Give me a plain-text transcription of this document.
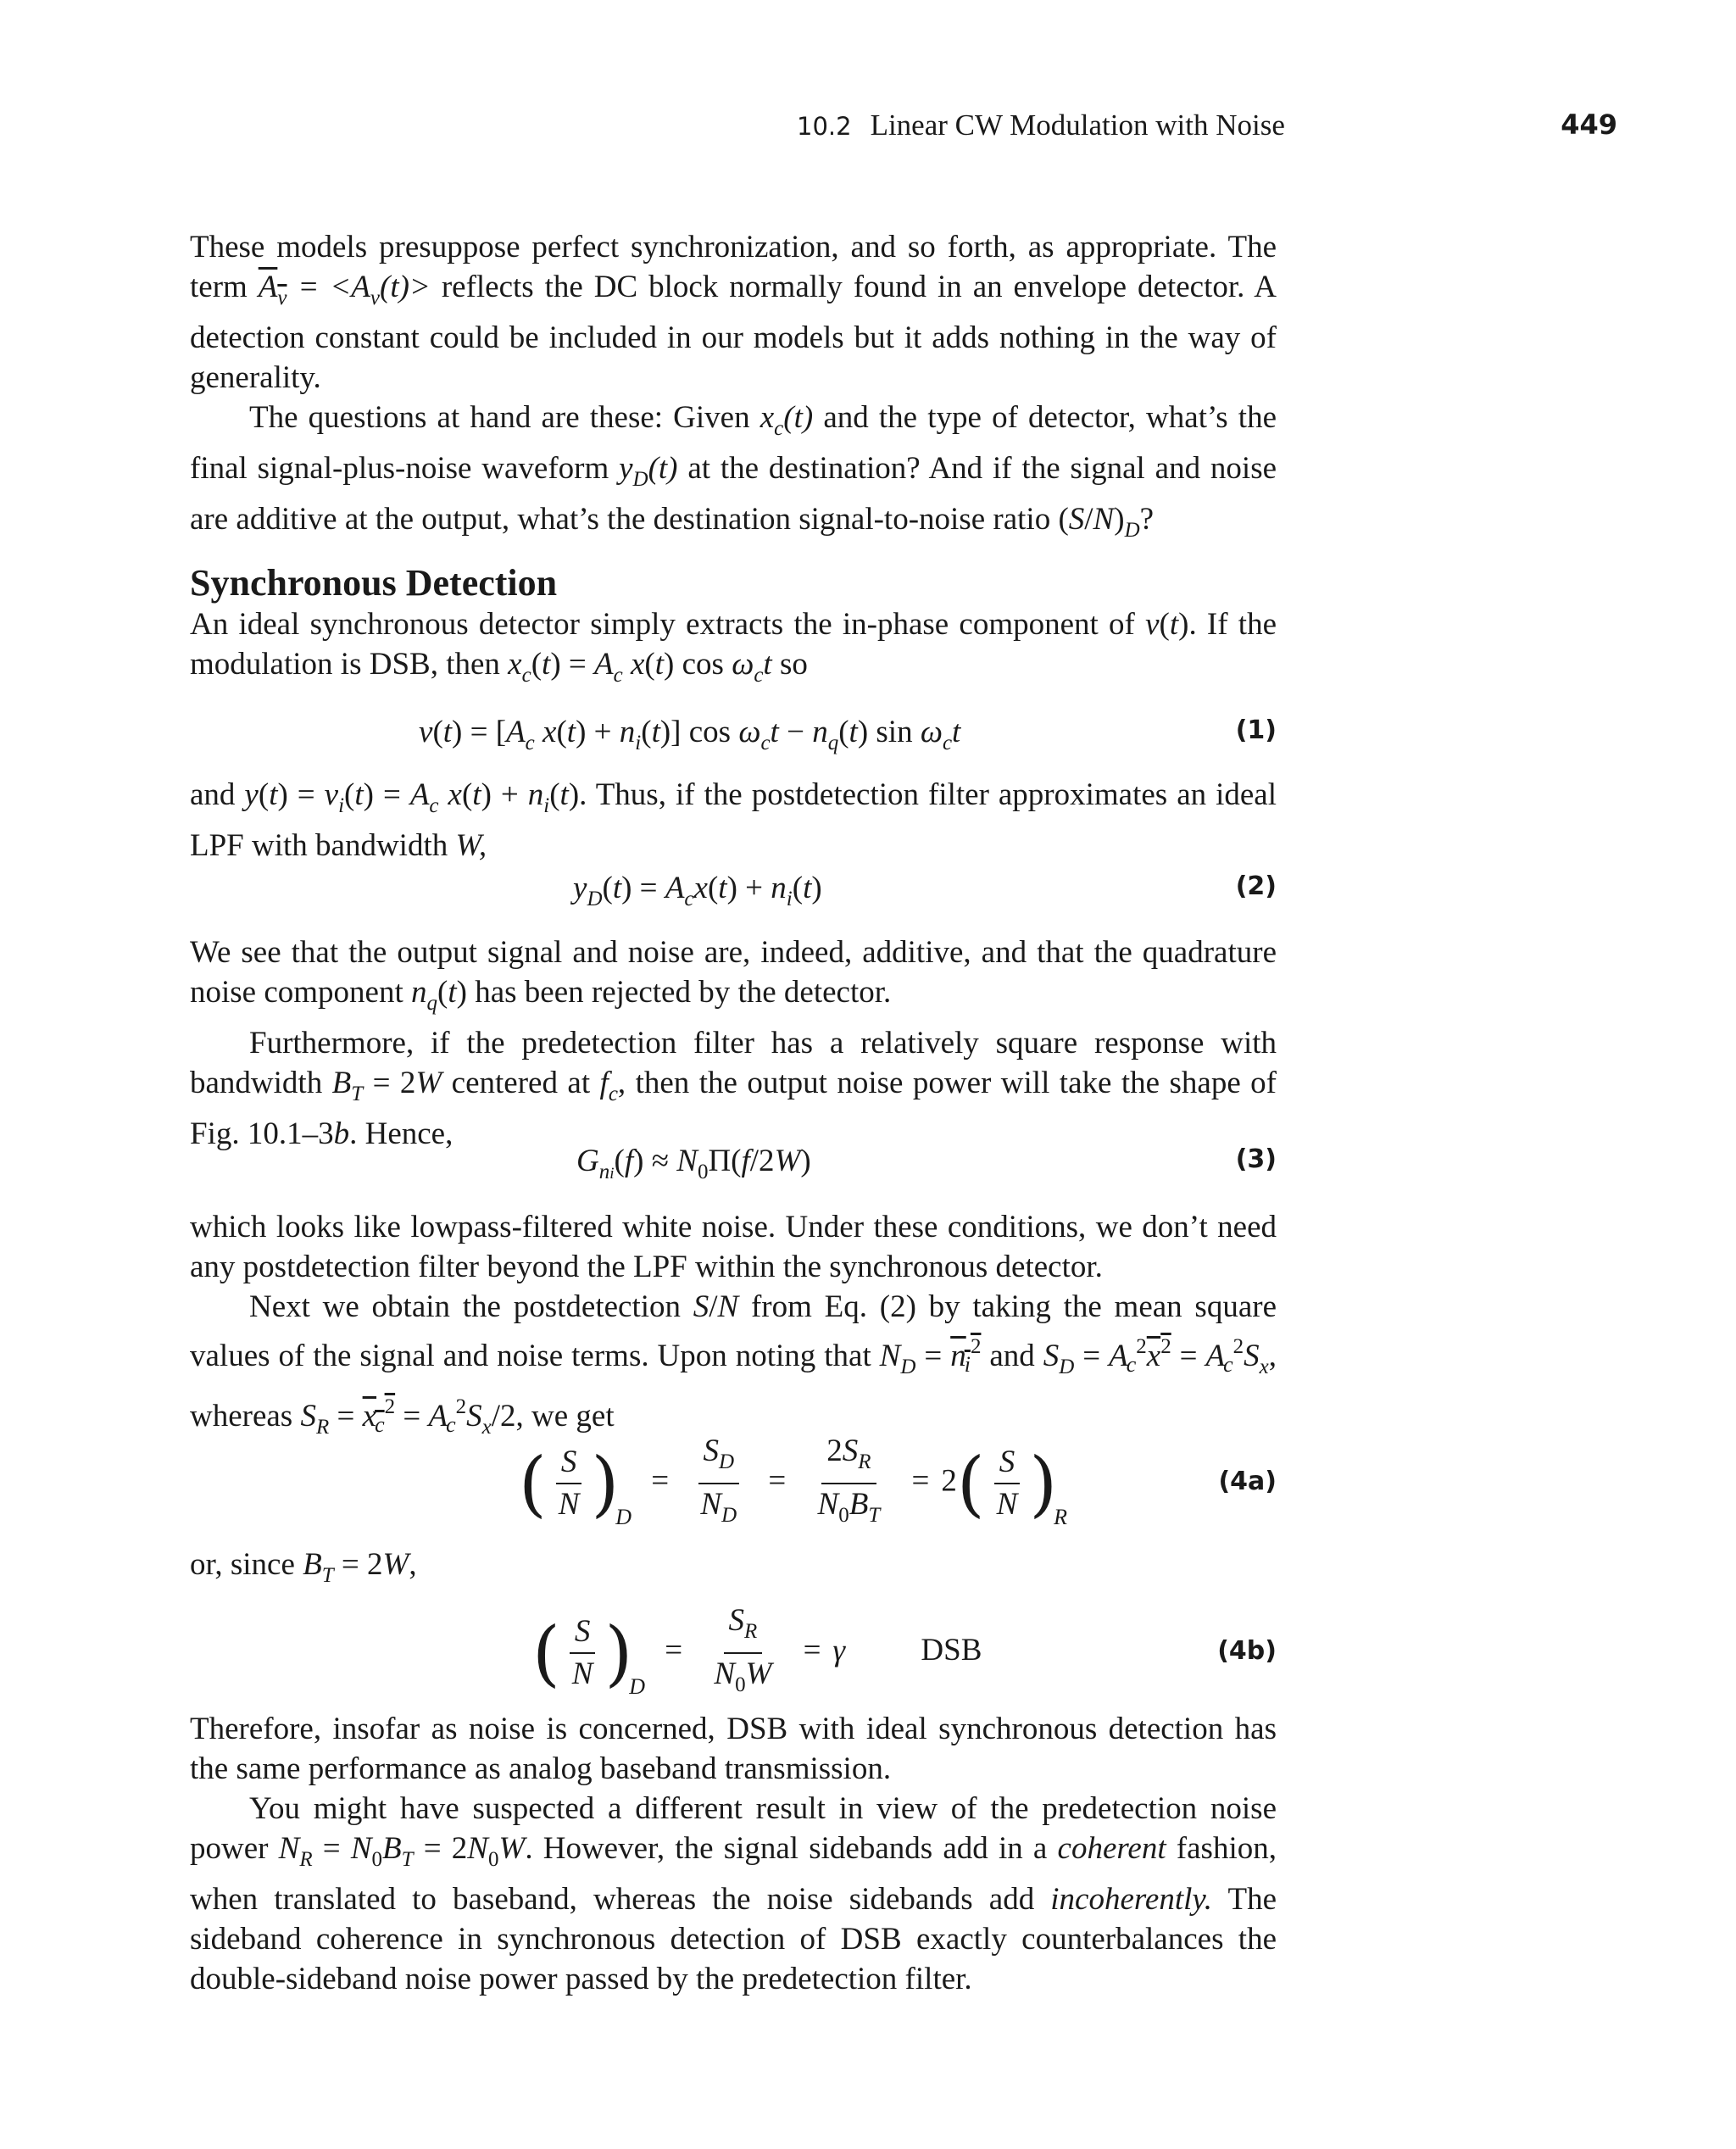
10.2 Linear CW Modulation with Noise	449

These models presuppose perfect synchronization, and so forth, as appropriate. The term $A_v = <A_v(t)>$ reflects the DC block normally found in an envelope detector. A detection constant could be included in our models but it adds nothing in the way of generality.

The questions at hand are these: Given $x_c(t)$ and the type of detector, what’s the final signal-plus-noise waveform $y_D(t)$ at the destination? And if the signal and noise are additive at the output, what’s the destination signal-to-noise ratio $(S/N)_D$?

Synchronous Detection

An ideal synchronous detector simply extracts the in-phase component of v(t). If the modulation is DSB, then $x_c(t) = A_c$ x(t) $\cos \omega_ct$ so

$v(t) = [A_c$ $x(t) + n_i(t)$] $\cos \omega_ct - n_q(t)$ $\sin \omega_ct$	(1)

and $y(t) = v_i(t) = A_c$ $x(t) + n_i(t)$. Thus, if the postdetection filter approximates an ideal LPF with bandwidth W,

$y_D(t) = A_cx(t) + n_i(t)$	(2)

We see that the output signal and noise are, indeed, additive, and that the quadrature noise component $n_q(t)$ has been rejected by the detector.

Furthermore, if the predetection filter has a relatively square response with bandwidth $B_T = 2W$ centered at $f_c$, then the output noise power will take the shape of Fig. 10.1–3b. Hence,

$G_{ni}(f) \approx N_0\Pi(f/2W)$	(3)

which looks like lowpass-filtered white noise. Under these conditions, we don’t need any postdetection filter beyond the LPF within the synchronous detector.

Next we obtain the postdetection S/N from Eq. (2) by taking the mean square values of the signal and noise terms. Upon noting that $N_D = ni^2$ and $S_D = Ac^2x^2 = Ac^2S_x$, whereas $S_R = xc^2 = Ac^2S_x/2$, we get

( $\frac{S}{N} )_D = \frac{S_D}{N_D} = \frac{2S_R}{N_0B_T} = 2( \frac{S}{N} )_R$
(4a)

or, since $B_T = 2W$,

( $\frac{S}{N} )_D = \frac{S_R}{N_0W} = \gamma$ DSB	(4b)

Therefore, insofar as noise is concerned, DSB with ideal synchronous detection has the same performance as analog baseband transmission.

You might have suspected a different result in view of the predetection noise power $N_R = N_0B_T = 2N_0W$. However, the signal sidebands add in a coherent fashion, when translated to baseband, whereas the noise sidebands add incoherently. The sideband coherence in synchronous detection of DSB exactly counterbalances the double-sideband noise power passed by the predetection filter.
